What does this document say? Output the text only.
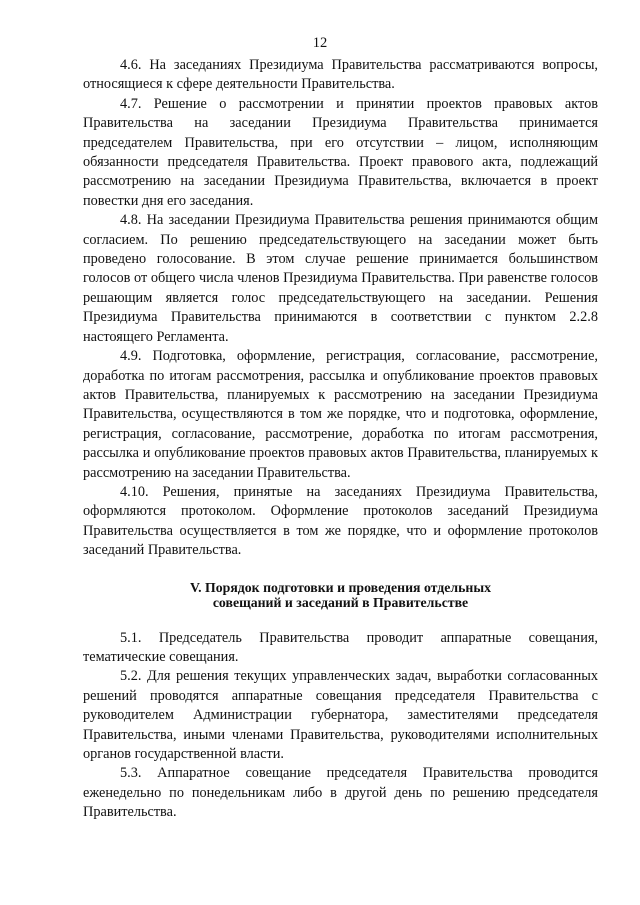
12

4.6. На заседаниях Президиума Правительства рассматриваются вопросы, относящиеся к сфере деятельности Правительства.

4.7. Решение о рассмотрении и принятии проектов правовых актов Правительства на заседании Президиума Правительства принимается председателем Правительства, при его отсутствии – лицом, исполняющим обязанности председателя Правительства. Проект правового акта, подлежащий рассмотрению на заседании Президиума Правительства, включается в проект повестки дня его заседания.

4.8. На заседании Президиума Правительства решения принимаются общим согласием. По решению председательствующего на заседании может быть проведено голосование. В этом случае решение принимается большинством голосов от общего числа членов Президиума Правительства. При равенстве голосов решающим является голос председательствующего на заседании. Решения Президиума Правительства принимаются в соответствии с пунктом 2.2.8 настоящего Регламента.

4.9. Подготовка, оформление, регистрация, согласование, рассмотрение, доработка по итогам рассмотрения, рассылка и опубликование проектов правовых актов Правительства, планируемых к рассмотрению на заседании Президиума Правительства, осуществляются в том же порядке, что и подготовка, оформление, регистрация, согласование, рассмотрение, доработка по итогам рассмотрения, рассылка и опубликование проектов правовых актов Правительства, планируемых к рассмотрению на заседании Правительства.

4.10. Решения, принятые на заседаниях Президиума Правительства, оформляются протоколом. Оформление протоколов заседаний Президиума Правительства осуществляется в том же порядке, что и оформление протоколов заседаний Правительства.

V. Порядок подготовки и проведения отдельных
совещаний и заседаний в Правительстве

5.1. Председатель Правительства проводит аппаратные совещания, тематические совещания.

5.2. Для решения текущих управленческих задач, выработки согласованных решений проводятся аппаратные совещания председателя Правительства с руководителем Администрации губернатора, заместителями председателя Правительства, иными членами Правительства, руководителями исполнительных органов государственной власти.

5.3. Аппаратное совещание председателя Правительства проводится еженедельно по понедельникам либо в другой день по решению председателя Правительства.
